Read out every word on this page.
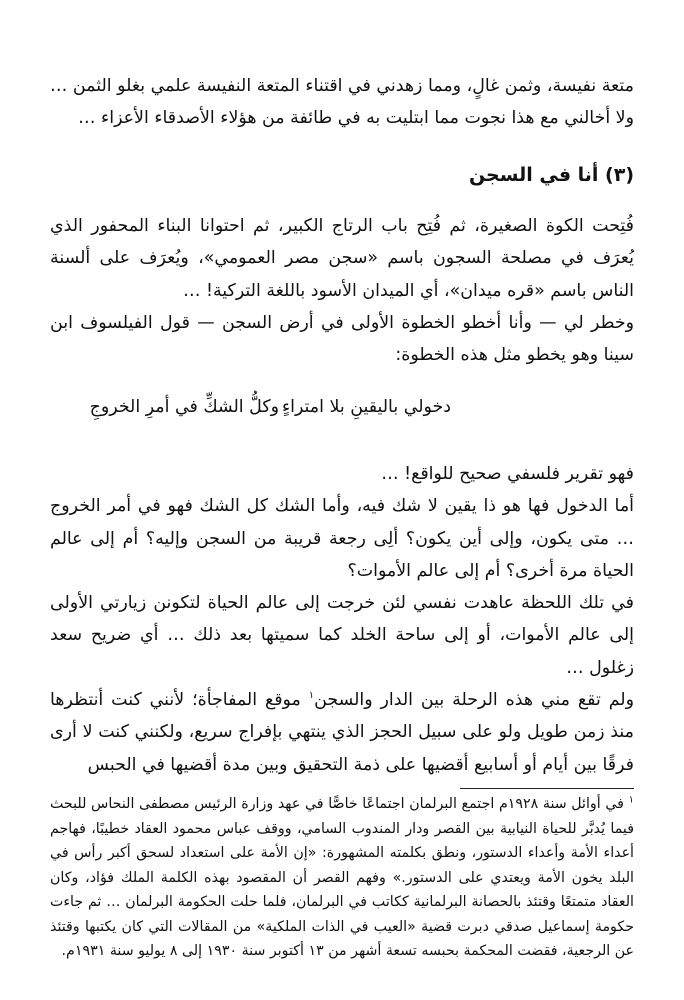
متعة نفيسة، وثمن غالٍ، ومما زهدني في اقتناء المتعة النفيسة علمي بغلو الثمن … ولا أخالني مع هذا نجوت مما ابتليت به في طائفة من هؤلاء الأصدقاء الأعزاء …

(٣) أنا في السجن

فُتِحت الكوة الصغيرة، ثم فُتِح باب الرتاج الكبير، ثم احتوانا البناء المحفور الذي يُعرَف في مصلحة السجون باسم «سجن مصر العمومي»، ويُعرَف على ألسنة الناس باسم «قره ميدان»، أي الميدان الأسود باللغة التركية! …

وخطر لي — وأنا أخطو الخطوة الأولى في أرض السجن — قول الفيلسوف ابن سينا وهو يخطو مثل هذه الخطوة:

دخولي باليقينِ بلا امتراءٍ
وكلُّ الشكِّ في أمرِ الخروجِ

فهو تقرير فلسفي صحيح للواقع! …

أما الدخول فها هو ذا يقين لا شك فيه، وأما الشك كل الشك فهو في أمر الخروج … متى يكون، وإلى أين يكون؟ ألِى رجعة قريبة من السجن وإليه؟ أم إلى عالم الحياة مرة أخرى؟ أم إلى عالم الأموات؟

في تلك اللحظة عاهدت نفسي لئن خرجت إلى عالم الحياة لتكونن زيارتي الأولى إلى عالم الأموات، أو إلى ساحة الخلد كما سميتها بعد ذلك … أي ضريح سعد زغلول …

ولم تقع مني هذه الرحلة بين الدار والسجن$^١$ موقع المفاجأة؛ لأنني كنت أنتظرها منذ زمن طويل ولو على سبيل الحجز الذي ينتهي بإفراج سريع، ولكنني كنت لا أرى فرقًا بين أيام أو أسابيع أقضيها على ذمة التحقيق وبين مدة أقضيها في الحبس

$^١$ في أوائل سنة ١٩٢٨م اجتمع البرلمان اجتماعًا خاصًّا في عهد وزارة الرئيس مصطفى النحاس للبحث فيما يُدبَّر للحياة النيابية بين القصر ودار المندوب السامي، ووقف عباس محمود العقاد خطيبًا، فهاجم أعداء الأمة وأعداء الدستور، ونطق بكلمته المشهورة: «إن الأمة على استعداد لسحق أكبر رأس في البلد يخون الأمة ويعتدي على الدستور.» وفهم القصر أن المقصود بهذه الكلمة الملك فؤاد، وكان العقاد متمتعًا وقتئذ بالحصانة البرلمانية ككاتب في البرلمان، فلما حلت الحكومة البرلمان … ثم جاءت حكومة إسماعيل صدقي دبرت قضية «العيب في الذات الملكية» من المقالات التي كان يكتبها وقتئذ عن الرجعية، فقضت المحكمة بحبسه تسعة أشهر من ١٣ أكتوبر سنة ١٩٣٠ إلى ٨ يوليو سنة ١٩٣١م.
